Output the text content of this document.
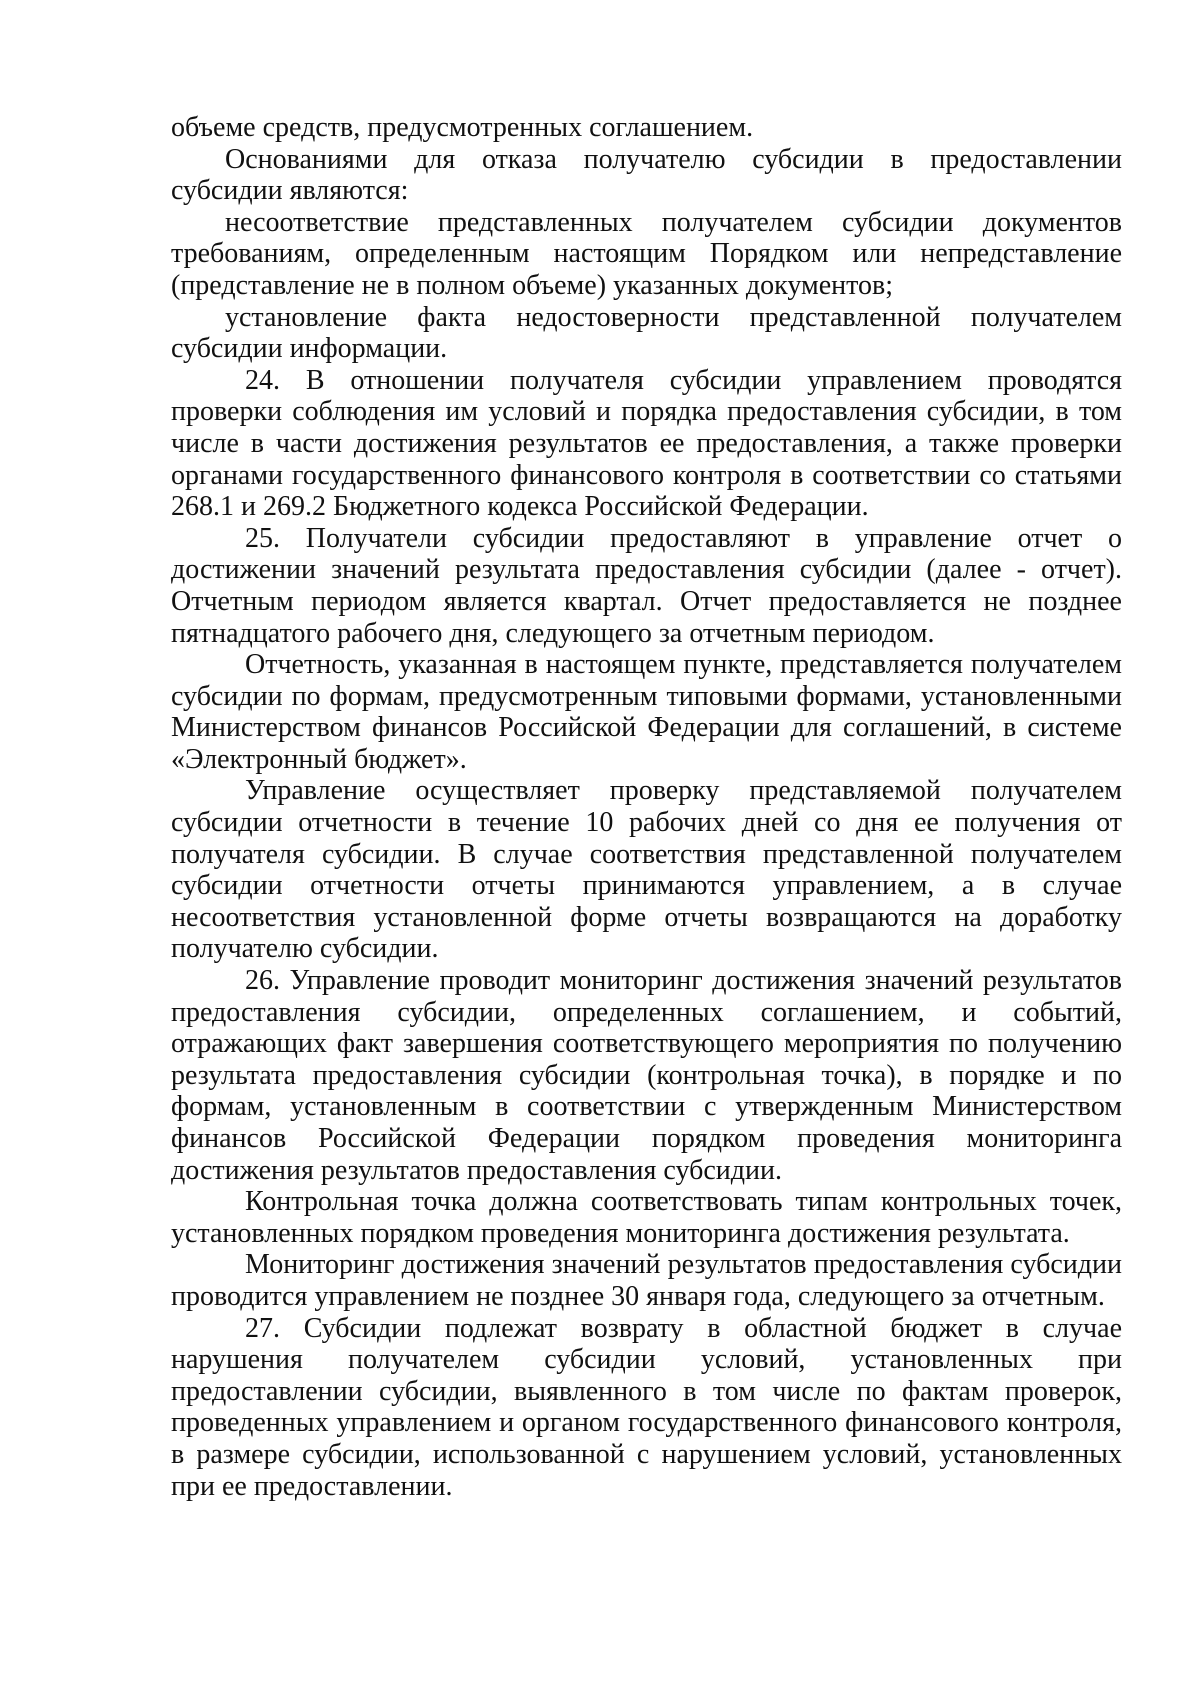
объеме средств, предусмотренных соглашением.

Основаниями для отказа получателю субсидии в предоставлении субсидии являются:

несоответствие представленных получателем субсидии документов требованиям, определенным настоящим Порядком или непредставление (представление не в полном объеме) указанных документов;

установление факта недостоверности представленной получателем субсидии информации.

24. В отношении получателя субсидии управлением проводятся проверки соблюдения им условий и порядка предоставления субсидии, в том числе в части достижения результатов ее предоставления, а также проверки органами государственного финансового контроля в соответствии со статьями 268.1 и 269.2 Бюджетного кодекса Российской Федерации.

25. Получатели субсидии предоставляют в управление отчет о достижении значений результата предоставления субсидии (далее - отчет). Отчетным периодом является квартал. Отчет предоставляется не позднее пятнадцатого рабочего дня, следующего за отчетным периодом.

Отчетность, указанная в настоящем пункте, представляется получателем субсидии по формам, предусмотренным типовыми формами, установленными Министерством финансов Российской Федерации для соглашений, в системе «Электронный бюджет».

Управление осуществляет проверку представляемой получателем субсидии отчетности в течение 10 рабочих дней со дня ее получения от получателя субсидии. В случае соответствия представленной получателем субсидии отчетности отчеты принимаются управлением, а в случае несоответствия установленной форме отчеты возвращаются на доработку получателю субсидии.

26. Управление проводит мониторинг достижения значений результатов предоставления субсидии, определенных соглашением, и событий, отражающих факт завершения соответствующего мероприятия по получению результата предоставления субсидии (контрольная точка), в порядке и по формам, установленным в соответствии с утвержденным Министерством финансов Российской Федерации порядком проведения мониторинга достижения результатов предоставления субсидии.

Контрольная точка должна соответствовать типам контрольных точек, установленных порядком проведения мониторинга достижения результата.

Мониторинг достижения значений результатов предоставления субсидии проводится управлением не позднее 30 января года, следующего за отчетным.

27. Субсидии подлежат возврату в областной бюджет в случае нарушения получателем субсидии условий, установленных при предоставлении субсидии, выявленного в том числе по фактам проверок, проведенных управлением и органом государственного финансового контроля, в размере субсидии, использованной с нарушением условий, установленных при ее предоставлении.
